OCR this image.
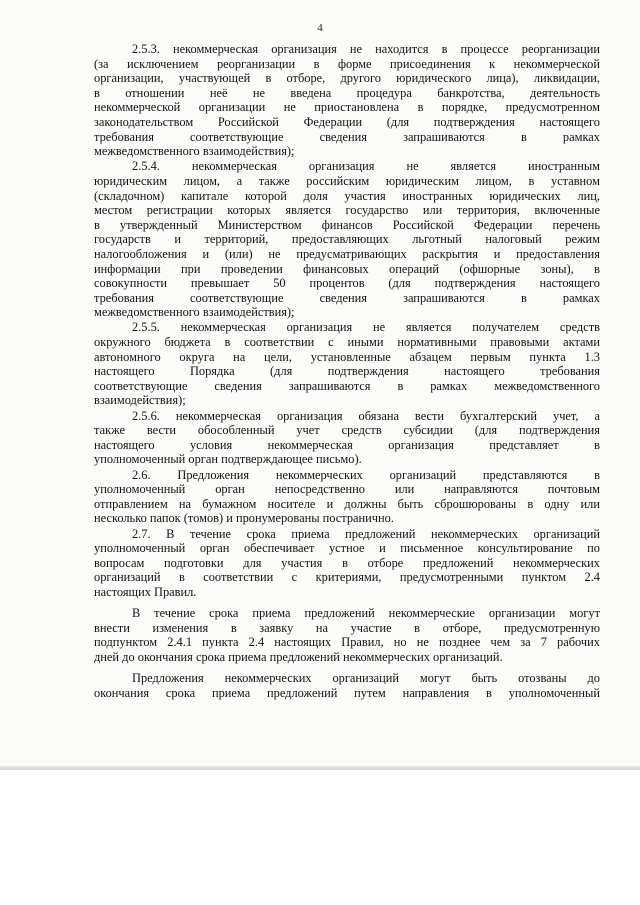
4
2.5.3. некоммерческая организация не находится в процессе реорганизации
(за исключением реорганизации в форме присоединения к некоммерческой
организации, участвующей в отборе, другого юридического лица), ликвидации,
в отношении неё не введена процедура банкротства, деятельность
некоммерческой организации не приостановлена в порядке, предусмотренном
законодательством Российской Федерации (для подтверждения настоящего
требования соответствующие сведения запрашиваются в рамках
межведомственного взаимодействия);
2.5.4. некоммерческая организация не является иностранным
юридическим лицом, а также российским юридическим лицом, в уставном
(складочном) капитале которой доля участия иностранных юридических лиц,
местом регистрации которых является государство или территория, включенные
в утвержденный Министерством финансов Российской Федерации перечень
государств и территорий, предоставляющих льготный налоговый режим
налогообложения и (или) не предусматривающих раскрытия и предоставления
информации при проведении финансовых операций (офшорные зоны), в
совокупности превышает 50 процентов (для подтверждения настоящего
требования соответствующие сведения запрашиваются в рамках
межведомственного взаимодействия);
2.5.5. некоммерческая организация не является получателем средств
окружного бюджета в соответствии с иными нормативными правовыми актами
автономного округа на цели, установленные абзацем первым пункта 1.3
настоящего Порядка (для подтверждения настоящего требования
соответствующие сведения запрашиваются в рамках межведомственного
взаимодействия);
2.5.6. некоммерческая организация обязана вести бухгалтерский учет, а
также вести обособленный учет средств субсидии (для подтверждения
настоящего условия некоммерческая организация представляет в
уполномоченный орган подтверждающее письмо).
2.6. Предложения некоммерческих организаций представляются в
уполномоченный орган непосредственно или направляются почтовым
отправлением на бумажном носителе и должны быть сброшюрованы в одну или
несколько папок (томов) и пронумерованы постранично.
2.7. В течение срока приема предложений некоммерческих организаций
уполномоченный орган обеспечивает устное и письменное консультирование по
вопросам подготовки для участия в отборе предложений некоммерческих
организаций в соответствии с критериями, предусмотренными пунктом 2.4
настоящих Правил.
В течение срока приема предложений некоммерческие организации могут
внести изменения в заявку на участие в отборе, предусмотренную
подпунктом 2.4.1 пункта 2.4 настоящих Правил, но не позднее чем за 7 рабочих
дней до окончания срока приема предложений некоммерческих организаций.
Предложения некоммерческих организаций могут быть отозваны до
окончания срока приема предложений путем направления в уполномоченный
